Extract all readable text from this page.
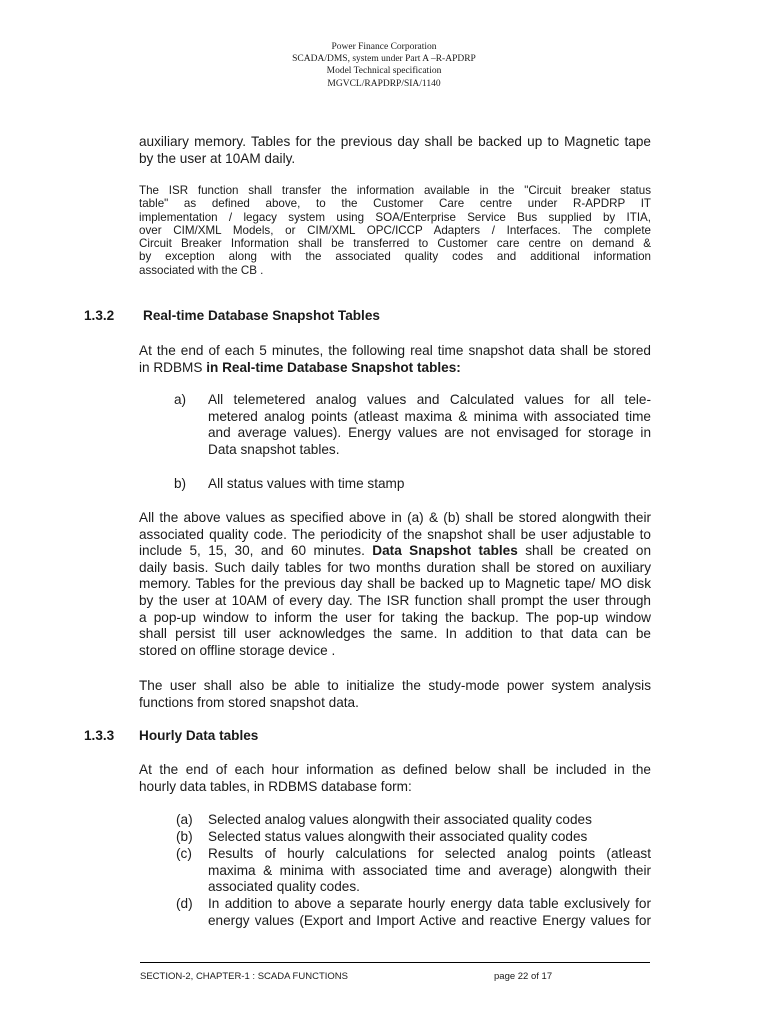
Power Finance Corporation
SCADA/DMS, system under Part A –R-APDRP
Model Technical specification
MGVCL/RAPDRP/SIA/1140
auxiliary memory. Tables for the previous day shall be backed up to Magnetic tape
by the user at 10AM daily.
The ISR function shall transfer the information available in the "Circuit breaker status
table" as defined above, to the Customer Care centre under R-APDRP IT
implementation / legacy system using SOA/Enterprise Service Bus supplied by ITIA,
over CIM/XML Models, or CIM/XML OPC/ICCP Adapters / Interfaces. The complete
Circuit Breaker Information shall be transferred to Customer care centre on demand &
by exception along with the associated quality codes and additional information
associated with the CB .
1.3.2 Real-time Database Snapshot Tables
At the end of each 5 minutes, the following real time snapshot data shall be stored
in RDBMS in Real-time Database Snapshot tables:
a) All telemetered analog values and Calculated values for all tele-
metered analog points (atleast maxima & minima with associated time
and average values). Energy values are not envisaged for storage in
Data snapshot tables.
b) All status values with time stamp
All the above values as specified above in (a) & (b) shall be stored alongwith their
associated quality code. The periodicity of the snapshot shall be user adjustable to
include 5, 15, 30, and 60 minutes. Data Snapshot tables shall be created on
daily basis. Such daily tables for two months duration shall be stored on auxiliary
memory. Tables for the previous day shall be backed up to Magnetic tape/ MO disk
by the user at 10AM of every day. The ISR function shall prompt the user through
a pop-up window to inform the user for taking the backup. The pop-up window
shall persist till user acknowledges the same. In addition to that data can be
stored on offline storage device .
The user shall also be able to initialize the study-mode power system analysis
functions from stored snapshot data.
1.3.3 Hourly Data tables
At the end of each hour information as defined below shall be included in the
hourly data tables, in RDBMS database form:
(a) Selected analog values alongwith their associated quality codes
(b) Selected status values alongwith their associated quality codes
(c) Results of hourly calculations for selected analog points (atleast
maxima & minima with associated time and average) alongwith their
associated quality codes.
(d) In addition to above a separate hourly energy data table exclusively for
energy values (Export and Import Active and reactive Energy values for
SECTION-2, CHAPTER-1 : SCADA FUNCTIONS	page 22 of 17
